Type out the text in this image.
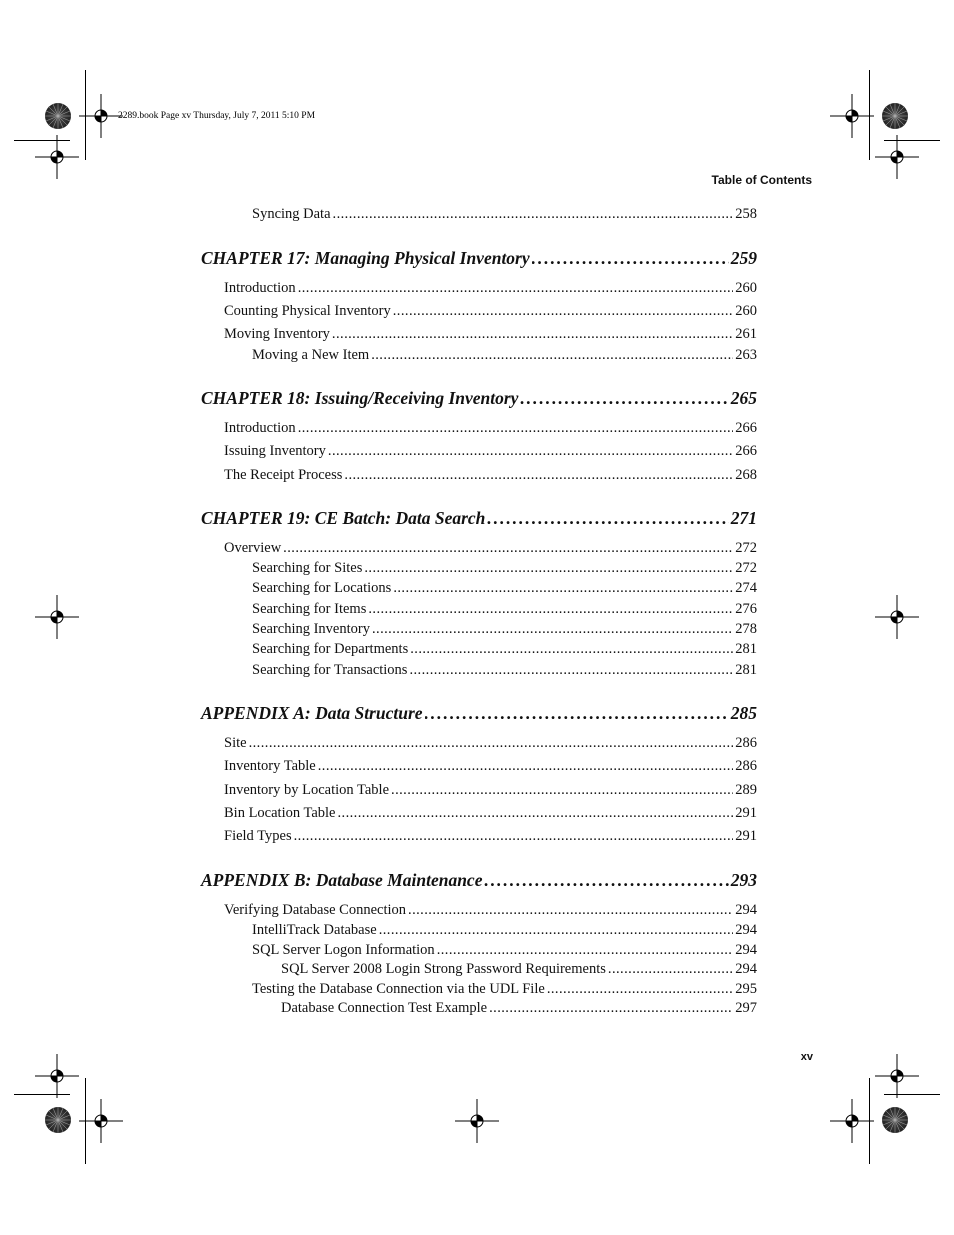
2289.book Page xv Thursday, July 7, 2011 5:10 PM
Table of Contents
Syncing Data . . .	258
CHAPTER 17: Managing Physical Inventory . . .	259
Introduction . . .	260
Counting Physical Inventory . . .	260
Moving Inventory . . .	261
Moving a New Item . . .	263
CHAPTER 18: Issuing/Receiving Inventory . . .	265
Introduction . . .	266
Issuing Inventory . . .	266
The Receipt Process . . .	268
CHAPTER 19: CE Batch: Data Search . . .	271
Overview . . .	272
Searching for Sites . . .	272
Searching for Locations . . .	274
Searching for Items . . .	276
Searching Inventory . . .	278
Searching for Departments . . .	281
Searching for Transactions . . .	281
APPENDIX A: Data Structure . . .	285
Site . . .	286
Inventory Table . . .	286
Inventory by Location Table . . .	289
Bin Location Table . . .	291
Field Types . . .	291
APPENDIX B: Database Maintenance . . .	293
Verifying Database Connection . . .	294
IntelliTrack Database . . .	294
SQL Server Logon Information . . .	294
SQL Server 2008 Login Strong Password Requirements . . .	294
Testing the Database Connection via the UDL File . . .	295
Database Connection Test Example . . .	297
xv
